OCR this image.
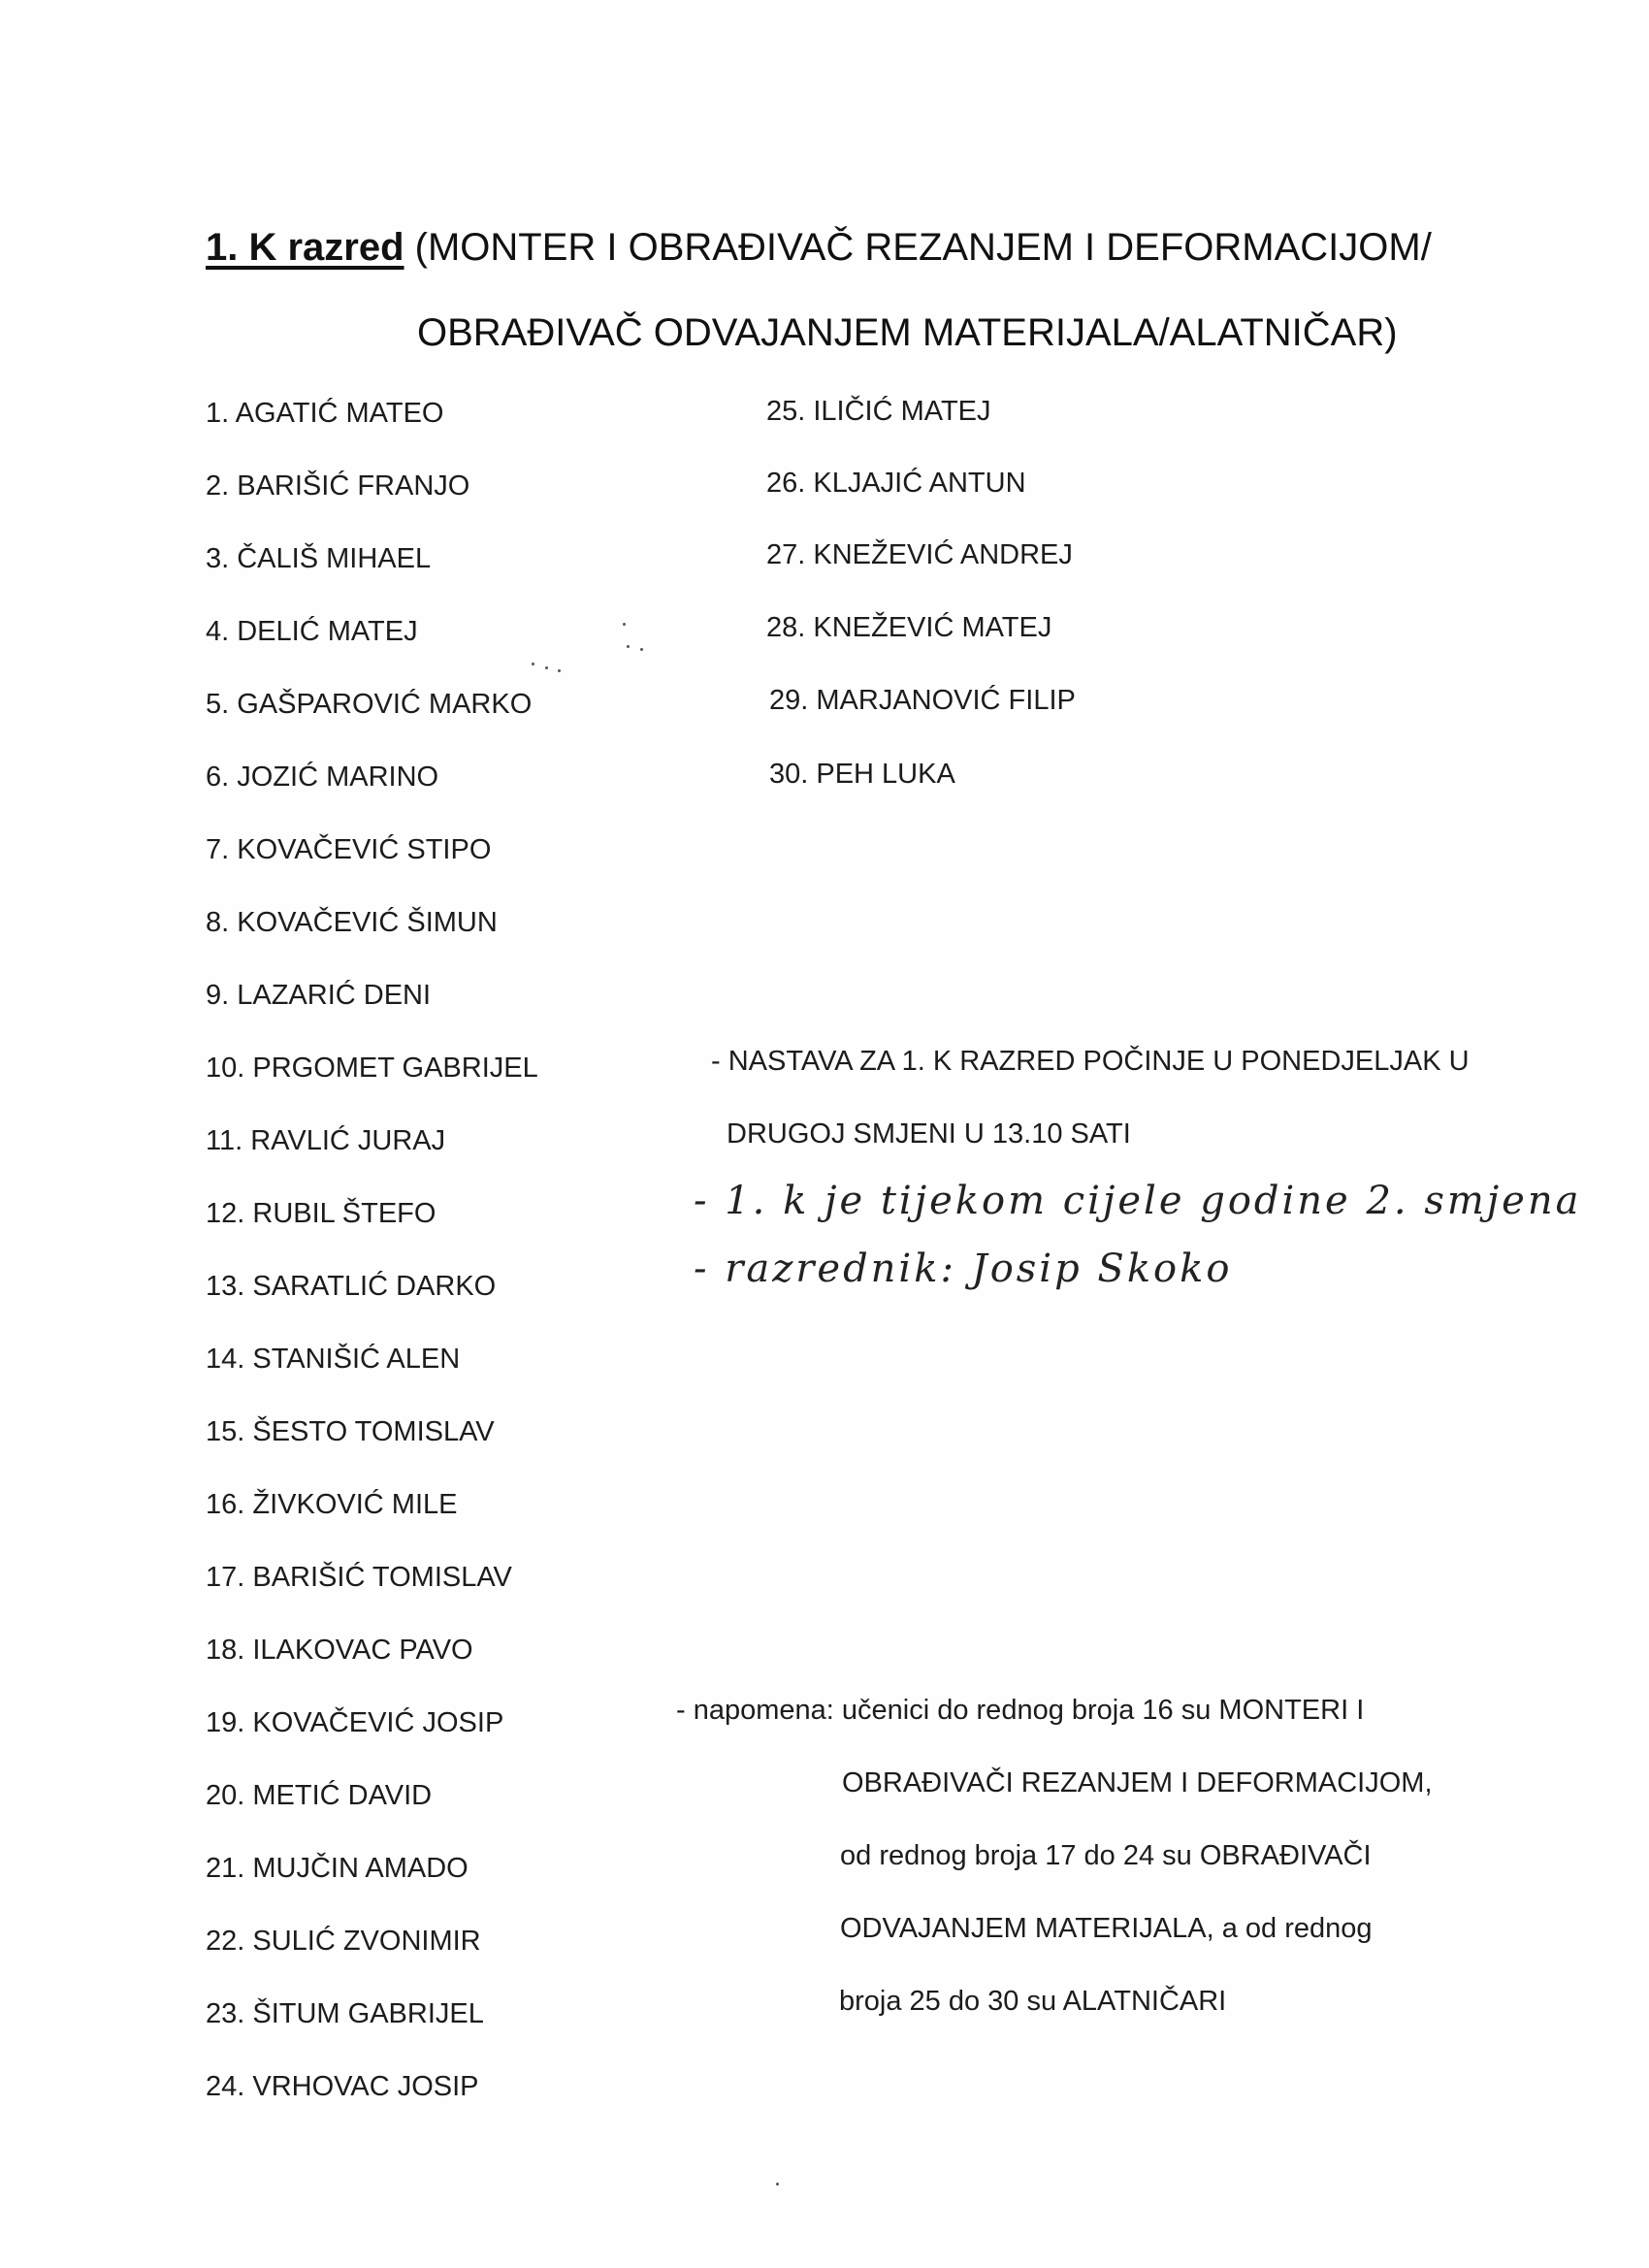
1. K razred (MONTER I OBRAĐIVAČ REZANJEM I DEFORMACIJOM/
OBRAĐIVAČ ODVAJANJEM MATERIJALA/ALATNIČAR)
1. AGATIĆ MATEO
2. BARIŠIĆ FRANJO
3. ČALIŠ MIHAEL
4. DELIĆ MATEJ
5. GAŠPAROVIĆ MARKO
6. JOZIĆ MARINO
7. KOVAČEVIĆ STIPO
8. KOVAČEVIĆ ŠIMUN
9. LAZARIĆ DENI
10. PRGOMET GABRIJEL
11. RAVLIĆ JURAJ
12. RUBIL ŠTEFO
13. SARATLIĆ DARKO
14. STANIŠIĆ ALEN
15. ŠESTO TOMISLAV
16. ŽIVKOVIĆ MILE
17. BARIŠIĆ TOMISLAV
18. ILAKOVAC PAVO
19. KOVAČEVIĆ JOSIP
20. METIĆ DAVID
21. MUJČIN AMADO
22. SULIĆ ZVONIMIR
23. ŠITUM GABRIJEL
24. VRHOVAC JOSIP
25. ILIČIĆ MATEJ
26. KLJAJIĆ ANTUN
27. KNEŽEVIĆ ANDREJ
28. KNEŽEVIĆ MATEJ
29. MARJANOVIĆ FILIP
30. PEH LUKA
- NASTAVA ZA 1. K RAZRED POČINJE U PONEDJELJAK U
DRUGOJ SMJENI U 13.10 SATI
- 1. k je tijekom cijele godine 2. smjena
- razrednik: Josip Skoko
- napomena: učenici do rednog broja 16 su MONTERI I
OBRAĐIVAČI REZANJEM I DEFORMACIJOM,
od rednog broja 17 do 24 su OBRAĐIVAČI
ODVAJANJEM MATERIJALA, a od rednog
broja 25 do 30 su ALATNIČARI
